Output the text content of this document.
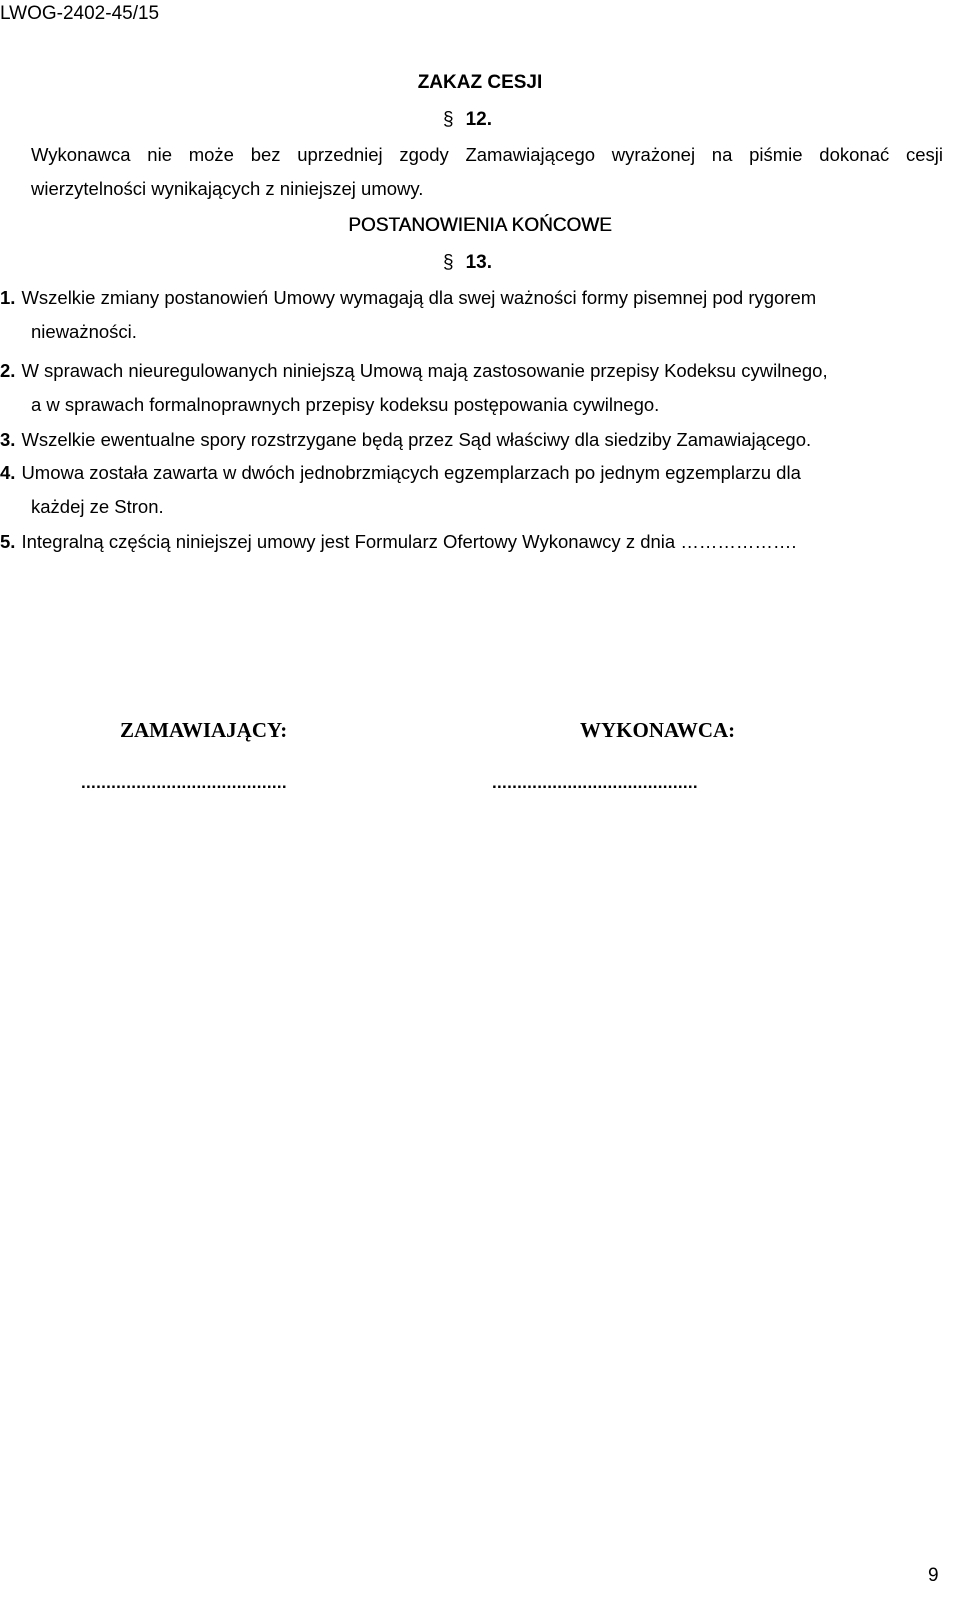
LWOG-2402-45/15
ZAKAZ CESJI
§ 12.
Wykonawca nie może bez uprzedniej zgody Zamawiającego wyrażonej na piśmie dokonać cesji
wierzytelności wynikających z niniejszej umowy.
POSTANOWIENIA KOŃCOWE
§ 13.
1. Wszelkie zmiany postanowień Umowy wymagają dla swej ważności formy pisemnej pod rygorem
nieważności.
2. W sprawach nieuregulowanych niniejszą Umową mają zastosowanie przepisy Kodeksu cywilnego,
a w sprawach formalnoprawnych przepisy kodeksu postępowania cywilnego.
3. Wszelkie ewentualne spory rozstrzygane będą przez Sąd właściwy dla siedziby Zamawiającego.
4. Umowa została zawarta w dwóch jednobrzmiących egzemplarzach po jednym egzemplarzu dla
każdej ze Stron.
5. Integralną częścią niniejszej umowy jest Formularz Ofertowy Wykonawcy z dnia ……………….
ZAMAWIAJĄCY:	WYKONAWCA:
.........................................	.........................................
9
